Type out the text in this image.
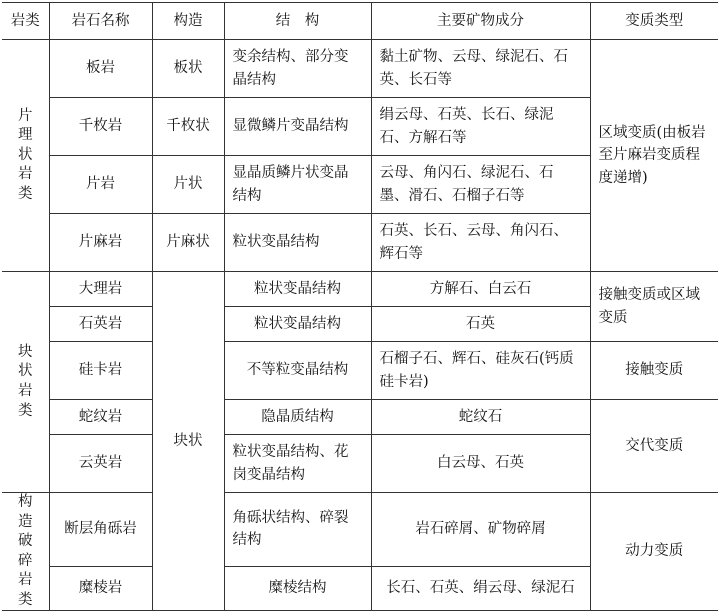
岩类	岩石名称	构造	结　构	主要矿物成分	变质类型
片理状岩类	板岩	板状	变余结构、部分变晶结构	黏土矿物、云母、绿泥石、石英、长石等	区域变质(由板岩至片麻岩变质程度递增)
	千枚岩	千枚状	显微鳞片变晶结构	绢云母、石英、长石、绿泥石、方解石等	
	片岩	片状	显晶质鳞片状变晶结构	云母、角闪石、绿泥石、石墨、滑石、石榴子石等	
	片麻岩	片麻状	粒状变晶结构	石英、长石、云母、角闪石、辉石等	
块状岩类	大理岩	块状	粒状变晶结构	方解石、白云石	接触变质或区域变质
	石英岩		粒状变晶结构	石英	
	硅卡岩		不等粒变晶结构	石榴子石、辉石、硅灰石(钙质硅卡岩)	接触变质
	蛇纹岩		隐晶质结构	蛇纹石	交代变质
	云英岩		粒状变晶结构、花岗变晶结构	白云母、石英	
构造破碎岩类	断层角砾岩		角砾状结构、碎裂结构	岩石碎屑、矿物碎屑	动力变质
	糜棱岩		糜棱结构	长石、石英、绢云母、绿泥石	
